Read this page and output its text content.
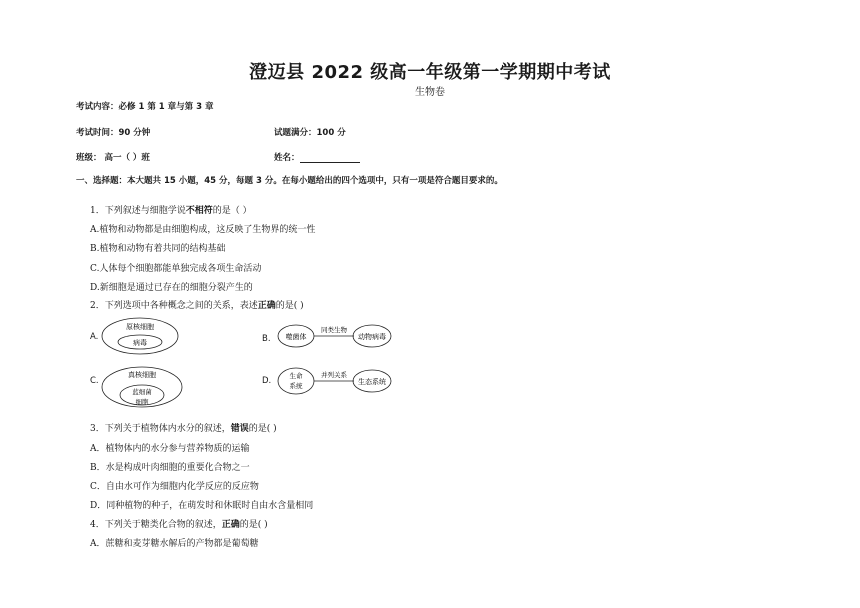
澄迈县 2022 级高一年级第一学期期中考试
生物卷
考试内容：必修 1 第 1 章与第 3 章
考试时间：90 分钟	试题满分：100 分
班级： 高一（ ）班	姓名：
一、选择题：本大题共 15 小题，45 分，每题 3 分。在每小题给出的四个选项中，只有一项是符合题目要求的。
1．下列叙述与细胞学说不相符的是（ ）
A.植物和动物都是由细胞构成，这反映了生物界的统一性
B.植物和动物有着共同的结构基础
C.人体每个细胞都能单独完成各项生命活动
D.新细胞是通过已存在的细胞分裂产生的
2．下列选项中各种概念之间的关系，表述正确的是( )
A.	B.
C.	D.
原核细胞
病毒
噬菌体
同类生物
动物病毒
真核细胞
蓝细菌
细胞
生命
系统
并列关系
生态系统
3．下列关于植物体内水分的叙述，错误的是( )
A．植物体内的水分参与营养物质的运输
B．水是构成叶肉细胞的重要化合物之一
C．自由水可作为细胞内化学反应的反应物
D．同种植物的种子，在萌发时和休眠时自由水含量相同
4．下列关于糖类化合物的叙述，正确的是( )
A．蔗糖和麦芽糖水解后的产物都是葡萄糖
